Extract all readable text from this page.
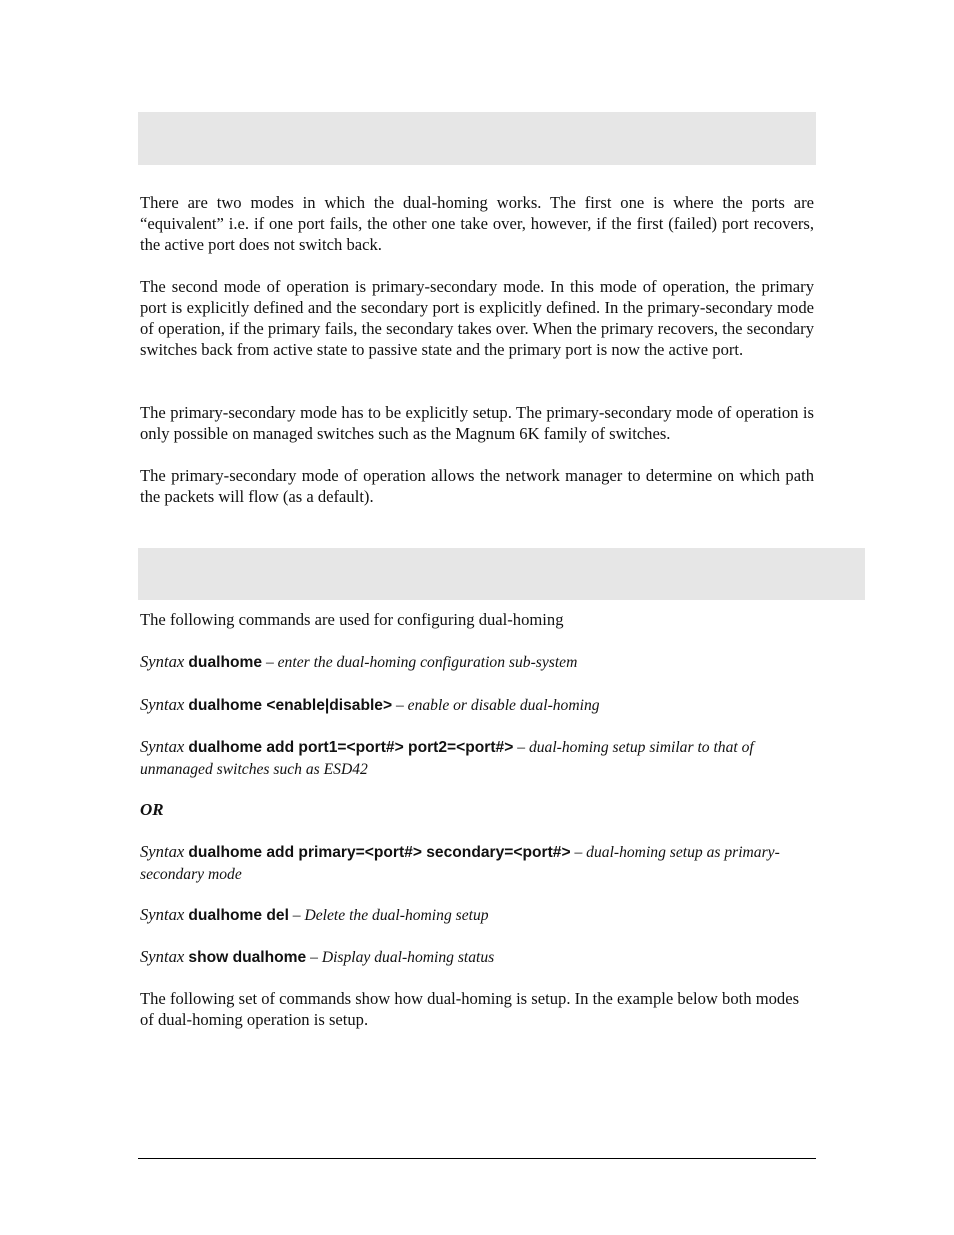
There are two modes in which the dual-homing works. The first one is where the ports are “equivalent” i.e. if one port fails, the other one take over, however, if the first (failed) port recovers, the active port does not switch back.

The second mode of operation is primary-secondary mode. In this mode of operation, the primary port is explicitly defined and the secondary port is explicitly defined. In the primary-secondary mode of operation, if the primary fails, the secondary takes over. When the primary recovers, the secondary switches back from active state to passive state and the primary port is now the active port.

The primary-secondary mode has to be explicitly setup. The primary-secondary mode of operation is only possible on managed switches such as the Magnum 6K family of switches.

The primary-secondary mode of operation allows the network manager to determine on which path the packets will flow (as a default).

The following commands are used for configuring dual-homing

Syntax dualhome – enter the dual-homing configuration sub-system

Syntax dualhome <enable|disable> – enable or disable dual-homing

Syntax dualhome add port1=<port#> port2=<port#> – dual-homing setup similar to that of unmanaged switches such as ESD42

OR

Syntax dualhome add primary=<port#> secondary=<port#> – dual-homing setup as primary-secondary mode

Syntax dualhome del – Delete the dual-homing setup

Syntax show dualhome – Display dual-homing status

The following set of commands show how dual-homing is setup. In the example below both modes of dual-homing operation is setup.
